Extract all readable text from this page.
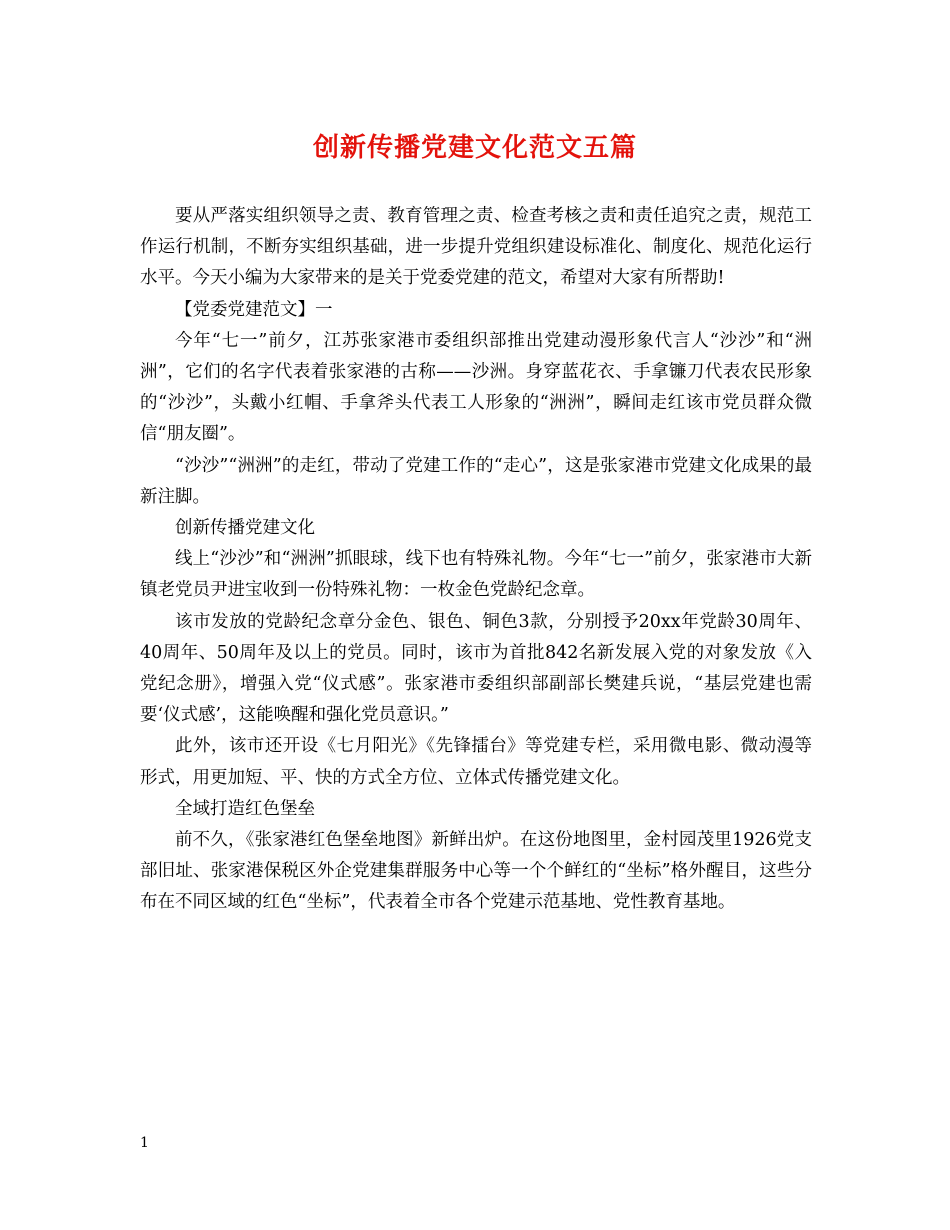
创新传播党建文化范文五篇

要从严落实组织领导之责、教育管理之责、检查考核之责和责任追究之责，规范工作运行机制，不断夯实组织基础，进一步提升党组织建设标准化、制度化、规范化运行水平。今天小编为大家带来的是关于党委党建的范文，希望对大家有所帮助!

【党委党建范文】一

今年“七一”前夕，江苏张家港市委组织部推出党建动漫形象代言人“沙沙”和“洲洲”，它们的名字代表着张家港的古称——沙洲。身穿蓝花衣、手拿镰刀代表农民形象的“沙沙”，头戴小红帽、手拿斧头代表工人形象的“洲洲”，瞬间走红该市党员群众微信“朋友圈”。

“沙沙”“洲洲”的走红，带动了党建工作的“走心”，这是张家港市党建文化成果的最新注脚。

创新传播党建文化

线上“沙沙”和“洲洲”抓眼球，线下也有特殊礼物。今年“七一”前夕，张家港市大新镇老党员尹进宝收到一份特殊礼物：一枚金色党龄纪念章。

该市发放的党龄纪念章分金色、银色、铜色3款，分别授予20xx年党龄30周年、40周年、50周年及以上的党员。同时，该市为首批842名新发展入党的对象发放《入党纪念册》，增强入党“仪式感”。张家港市委组织部副部长樊建兵说，“基层党建也需要‘仪式感’，这能唤醒和强化党员意识。”

此外，该市还开设《七月阳光》《先锋擂台》等党建专栏，采用微电影、微动漫等形式，用更加短、平、快的方式全方位、立体式传播党建文化。

全域打造红色堡垒

前不久，《张家港红色堡垒地图》新鲜出炉。在这份地图里，金村园茂里1926党支部旧址、张家港保税区外企党建集群服务中心等一个个鲜红的“坐标”格外醒目，这些分布在不同区域的红色“坐标”，代表着全市各个党建示范基地、党性教育基地。

1
